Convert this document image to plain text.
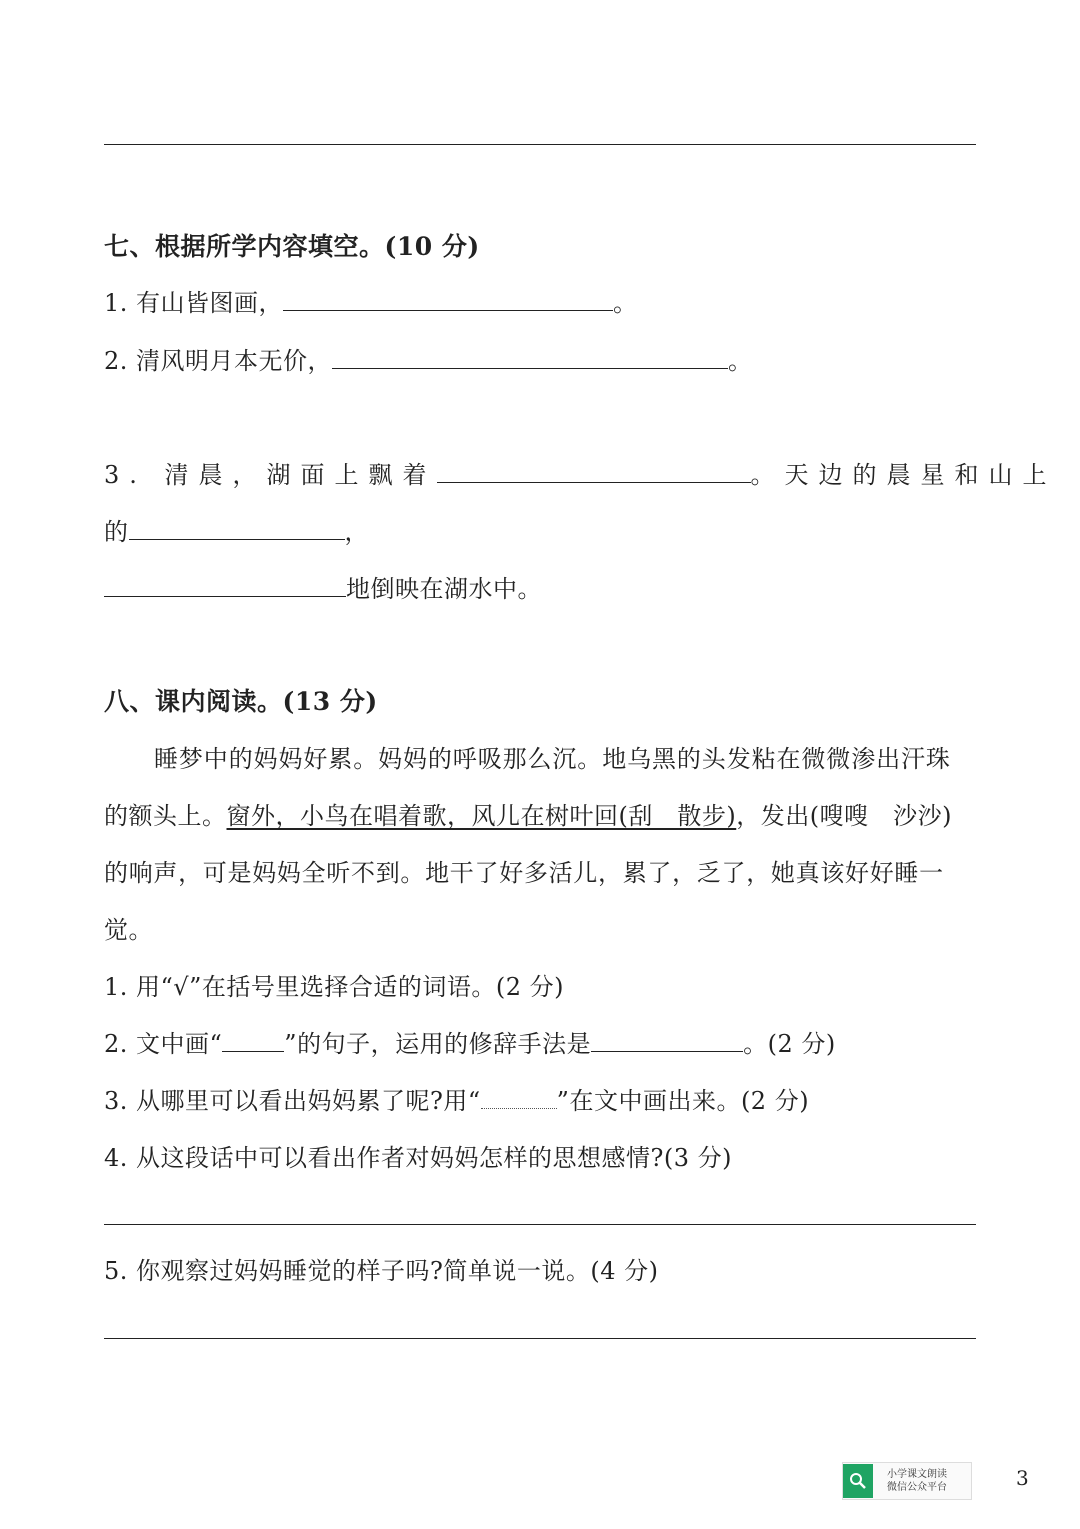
七、根据所学内容填空。(10 分)
1. 有山皆图画，	。
2. 清风明月本无价，	。
3. 清晨，湖面上飘着	。天边的晨星和山上
的	，
地倒映在湖水中。
八、课内阅读。(13 分)
睡梦中的妈妈好累。妈妈的呼吸那么沉。地乌黑的头发粘在微微渗出汗珠
的额头上。窗外，小鸟在唱着歌，风儿在树叶回(刮　散步)，发出(嗖嗖　沙沙)
的响声，可是妈妈全听不到。地干了好多活儿，累了，乏了，她真该好好睡一
觉。
1. 用“√”在括号里选择合适的词语。(2 分)
2. 文中画“	”的句子，运用的修辞手法是	。(2 分)
3. 从哪里可以看出妈妈累了呢?用“	”在文中画出来。(2 分)
4. 从这段话中可以看出作者对妈妈怎样的思想感情?(3 分)
5. 你观察过妈妈睡觉的样子吗?简单说一说。(4 分)
小学课文朗读
微信公众平台	3
